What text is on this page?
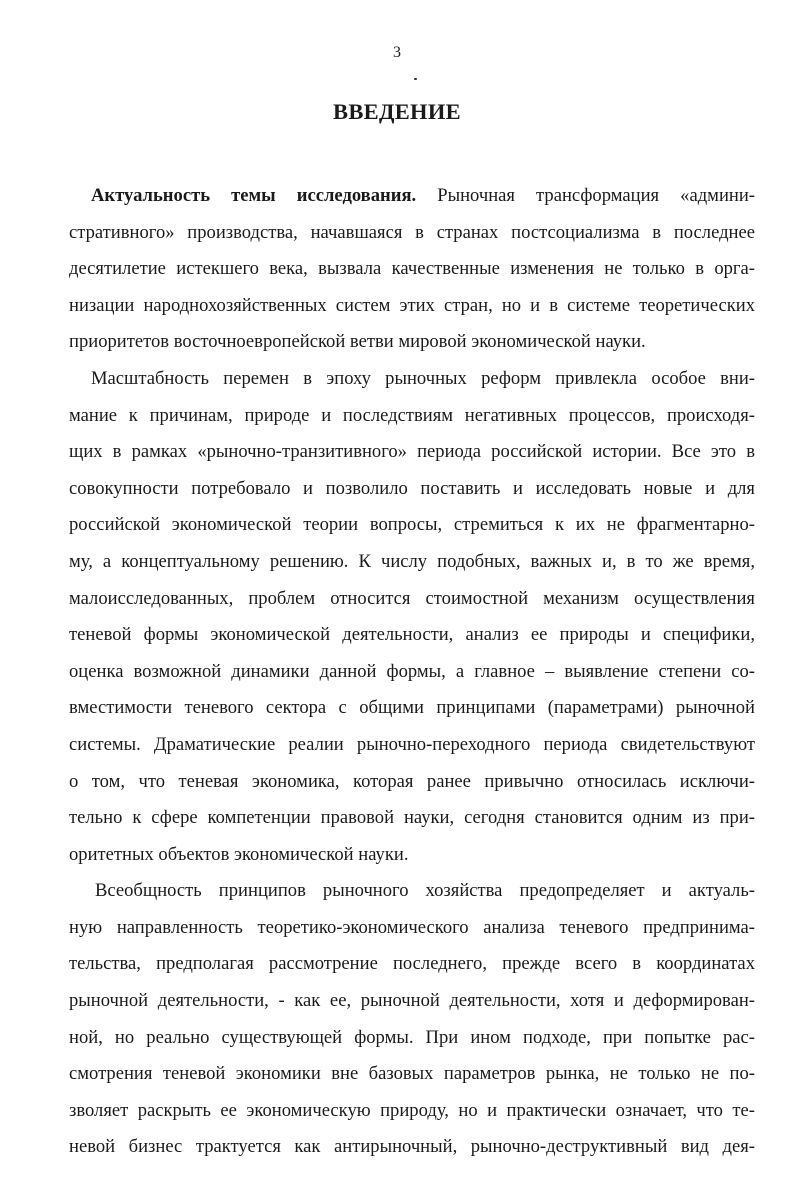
3
ВВЕДЕНИЕ
Актуальность темы исследования. Рыночная трансформация «админи-
стративного» производства, начавшаяся в странах постсоциализма в последнее
десятилетие истекшего века, вызвала качественные изменения не только в орга-
низации народнохозяйственных систем этих стран, но и в системе теоретических
приоритетов восточноевропейской ветви мировой экономической науки.
Масштабность перемен в эпоху рыночных реформ привлекла особое вни-
мание к причинам, природе и последствиям негативных процессов, происходя-
щих в рамках «рыночно-транзитивного» периода российской истории. Все это в
совокупности потребовало и позволило поставить и исследовать новые и для
российской экономической теории вопросы, стремиться к их не фрагментарно-
му, а концептуальному решению. К числу подобных, важных и, в то же время,
малоисследованных, проблем относится стоимостной механизм осуществления
теневой формы экономической деятельности, анализ ее природы и специфики,
оценка возможной динамики данной формы, а главное – выявление степени со-
вместимости теневого сектора с общими принципами (параметрами) рыночной
системы. Драматические реалии рыночно-переходного периода свидетельствуют
о том, что теневая экономика, которая ранее привычно относилась исключи-
тельно к сфере компетенции правовой науки, сегодня становится одним из при-
оритетных объектов экономической науки.
Всеобщность принципов рыночного хозяйства предопределяет и актуаль-
ную направленность теоретико-экономического анализа теневого предпринима-
тельства, предполагая рассмотрение последнего, прежде всего в координатах
рыночной деятельности, - как ее, рыночной деятельности, хотя и деформирован-
ной, но реально существующей формы. При ином подходе, при попытке рас-
смотрения теневой экономики вне базовых параметров рынка, не только не по-
зволяет раскрыть ее экономическую природу, но и практически означает, что те-
невой бизнес трактуется как антирыночный, рыночно-деструктивный вид дея-
